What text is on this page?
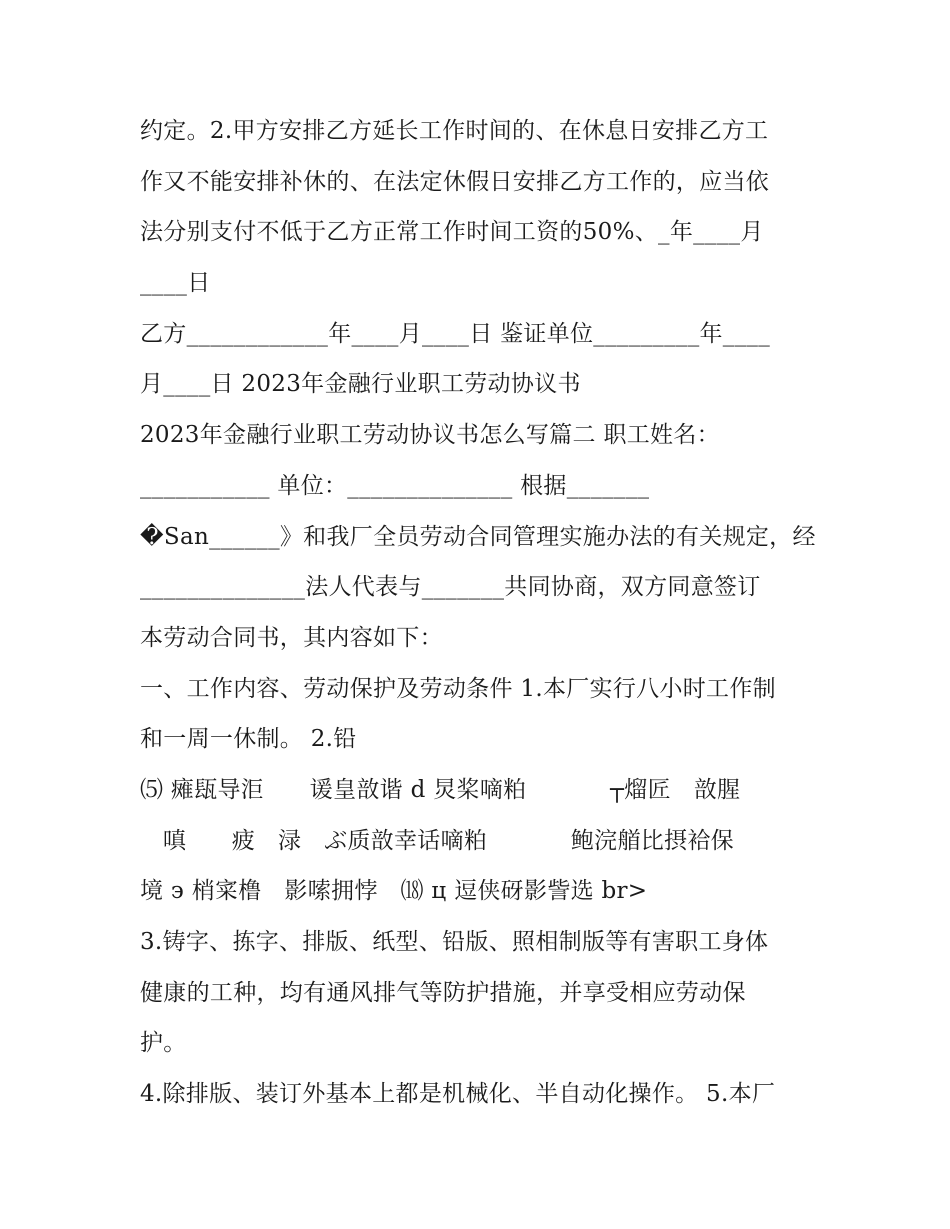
约定。2.甲方安排乙方延长工作时间的、在休息日安排乙方工
作又不能安排补休的、在法定休假日安排乙方工作的，应当依
法分别支付不低于乙方正常工作时间工资的50%、_年____月
____日
乙方____________年____月____日 鉴证单位_________年____
月____日 2023年金融行业职工劳动协议书
2023年金融行业职工劳动协议书怎么写篇二 职工姓名：
___________ 单位：______________ 根据_______
�San______》和我厂全员劳动合同管理实施办法的有关规定，经
______________法人代表与_______共同协商，双方同意签订
本劳动合同书，其内容如下：
一、工作内容、劳动保护及劳动条件 1.本厂实行八小时工作制
和一周一休制。 2.铅
⑸ 瘫瓺导洰      谖皇敨谐 d 炅桨嘀粕           ┬熘匠   敨腥
嗔      疲   渌   ぶ质敨幸话嘀粕           鲍浣艏比摂袷保
境 э 梢寀橹   影嗦拥悖   ⒅ ц 逗侠砑影訾选 br>
3.铸字、拣字、排版、纸型、铅版、照相制版等有害职工身体
健康的工种，均有通风排气等防护措施，并享受相应劳动保
护。
4.除排版、装订外基本上都是机械化、半自动化操作。 5.本厂
